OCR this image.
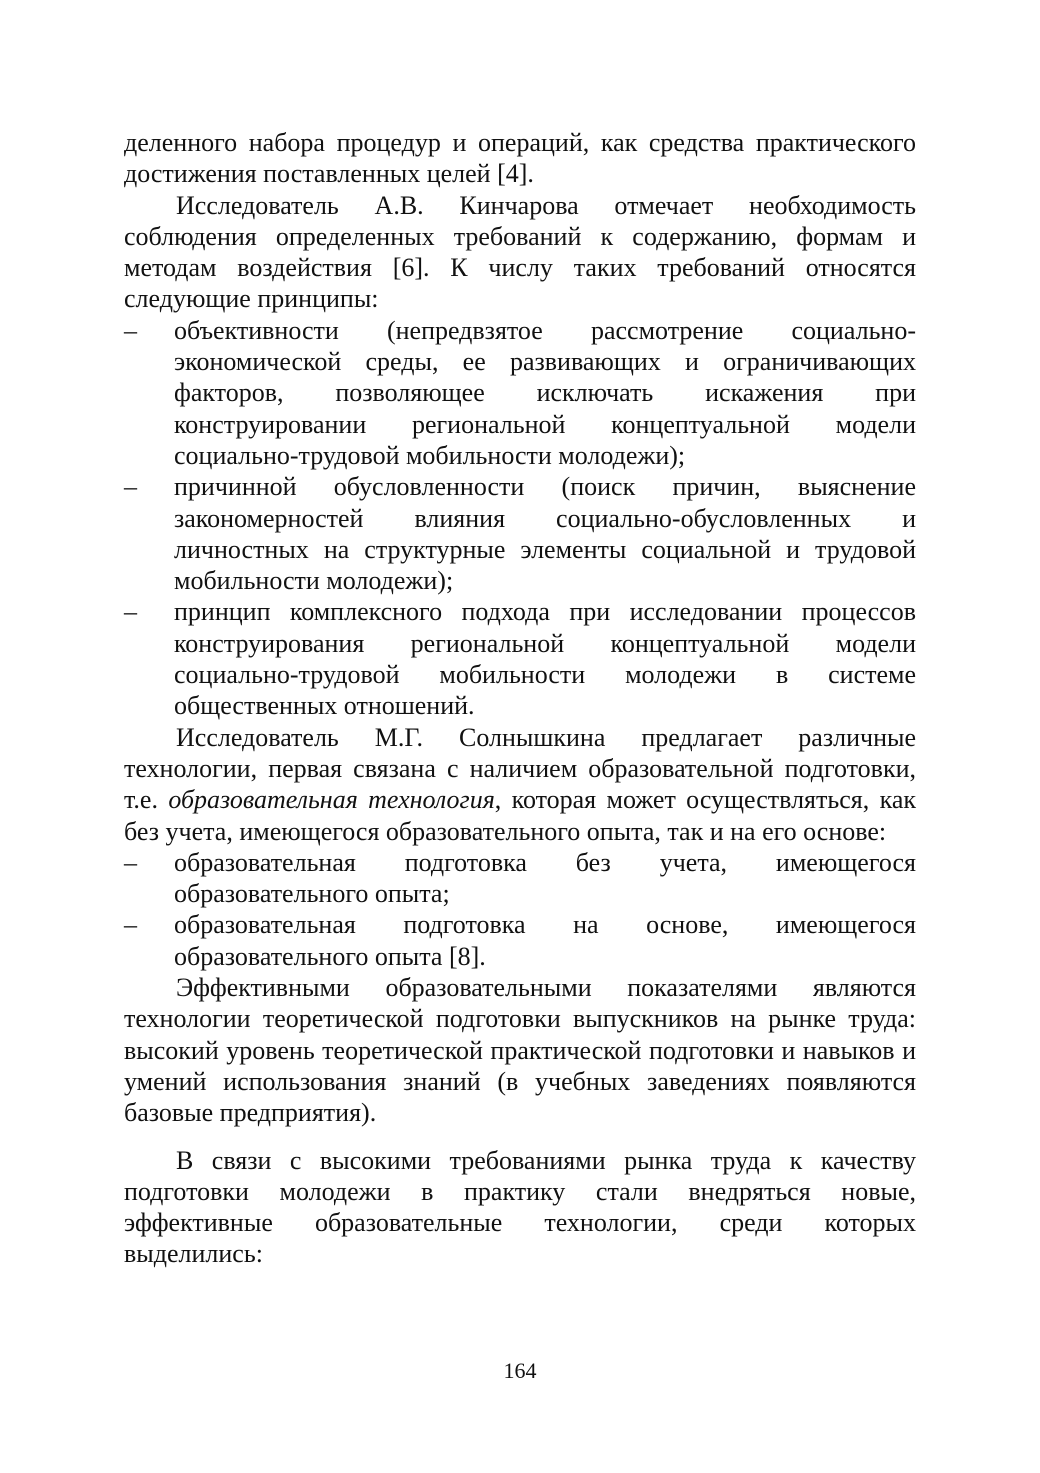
деленного набора процедур и операций, как средства практического достижения поставленных целей [4].

Исследователь А.В. Кинчарова отмечает необходимость соблюдения определенных требований к содержанию, формам и методам воздействия [6]. К числу таких требований относятся следующие принципы:

– объективности (непредвзятое рассмотрение социально-экономической среды, ее развивающих и ограничивающих факторов, позволяющее исключать искажения при конструировании региональной концептуальной модели социально-трудовой мобильности молодежи);

– причинной обусловленности (поиск причин, выяснение закономерностей влияния социально-обусловленных и личностных на структурные элементы социальной и трудовой мобильности молодежи);

– принцип комплексного подхода при исследовании процессов конструирования региональной концептуальной модели социально-трудовой мобильности молодежи в системе общественных отношений.

Исследователь М.Г. Солнышкина предлагает различные технологии, первая связана с наличием образовательной подготовки, т.е. образовательная технология, которая может осуществляться, как без учета, имеющегося образовательного опыта, так и на его основе:

– образовательная подготовка без учета, имеющегося образовательного опыта;

– образовательная подготовка на основе, имеющегося образовательного опыта [8].

Эффективными образовательными показателями являются технологии теоретической подготовки выпускников на рынке труда: высокий уровень теоретической практической подготовки и навыков и умений использования знаний (в учебных заведениях появляются базовые предприятия).

В связи с высокими требованиями рынка труда к качеству подготовки молодежи в практику стали внедряться новые, эффективные образовательные технологии, среди которых выделились:

164
